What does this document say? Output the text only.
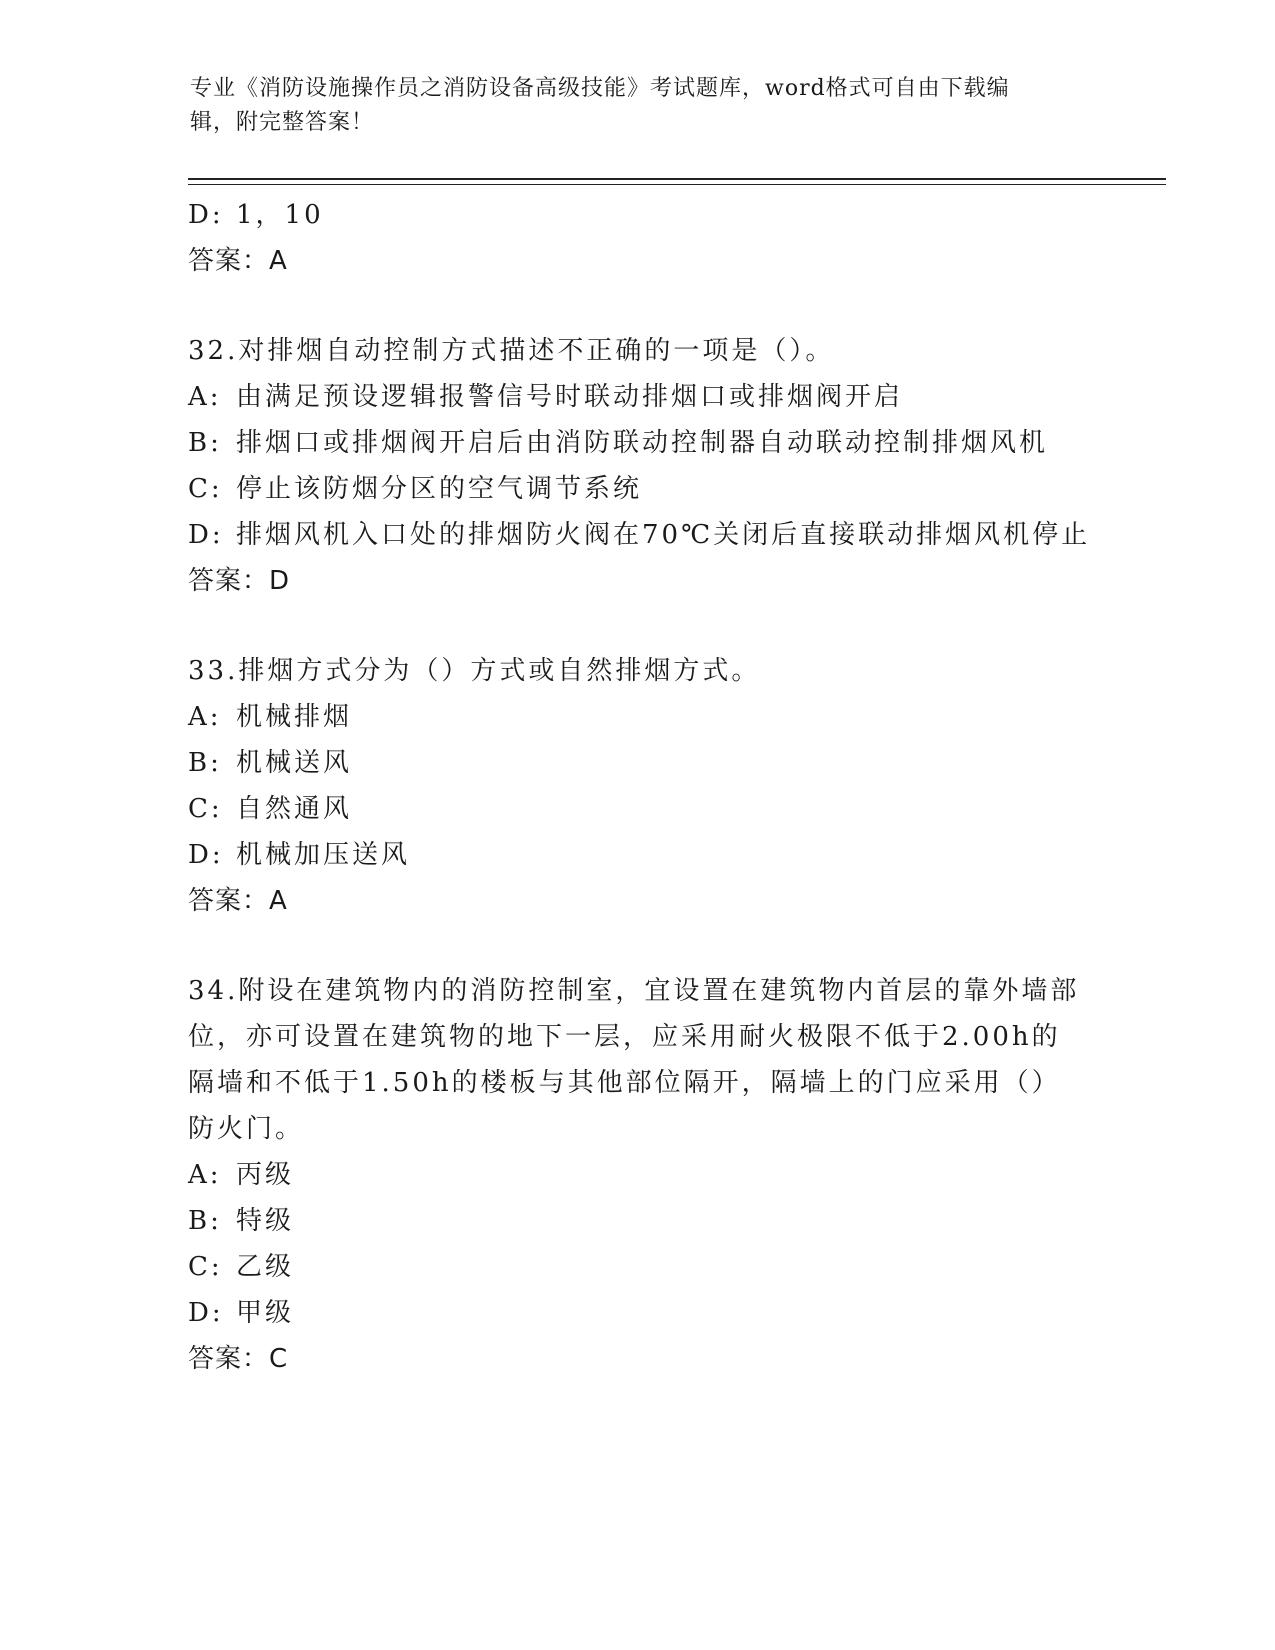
专业《消防设施操作员之消防设备高级技能》考试题库，word格式可自由下载编
辑，附完整答案！
D: 1，10
答案：A
32.对排烟自动控制方式描述不正确的一项是（）。
A: 由满足预设逻辑报警信号时联动排烟口或排烟阀开启
B: 排烟口或排烟阀开启后由消防联动控制器自动联动控制排烟风机
C: 停止该防烟分区的空气调节系统
D: 排烟风机入口处的排烟防火阀在70℃关闭后直接联动排烟风机停止
答案：D
33.排烟方式分为（）方式或自然排烟方式。
A: 机械排烟
B: 机械送风
C: 自然通风
D: 机械加压送风
答案：A
34.附设在建筑物内的消防控制室，宜设置在建筑物内首层的靠外墙部
位，亦可设置在建筑物的地下一层，应采用耐火极限不低于2.00h的
隔墙和不低于1.50h的楼板与其他部位隔开，隔墙上的门应采用（）
防火门。
A: 丙级
B: 特级
C: 乙级
D: 甲级
答案：C
